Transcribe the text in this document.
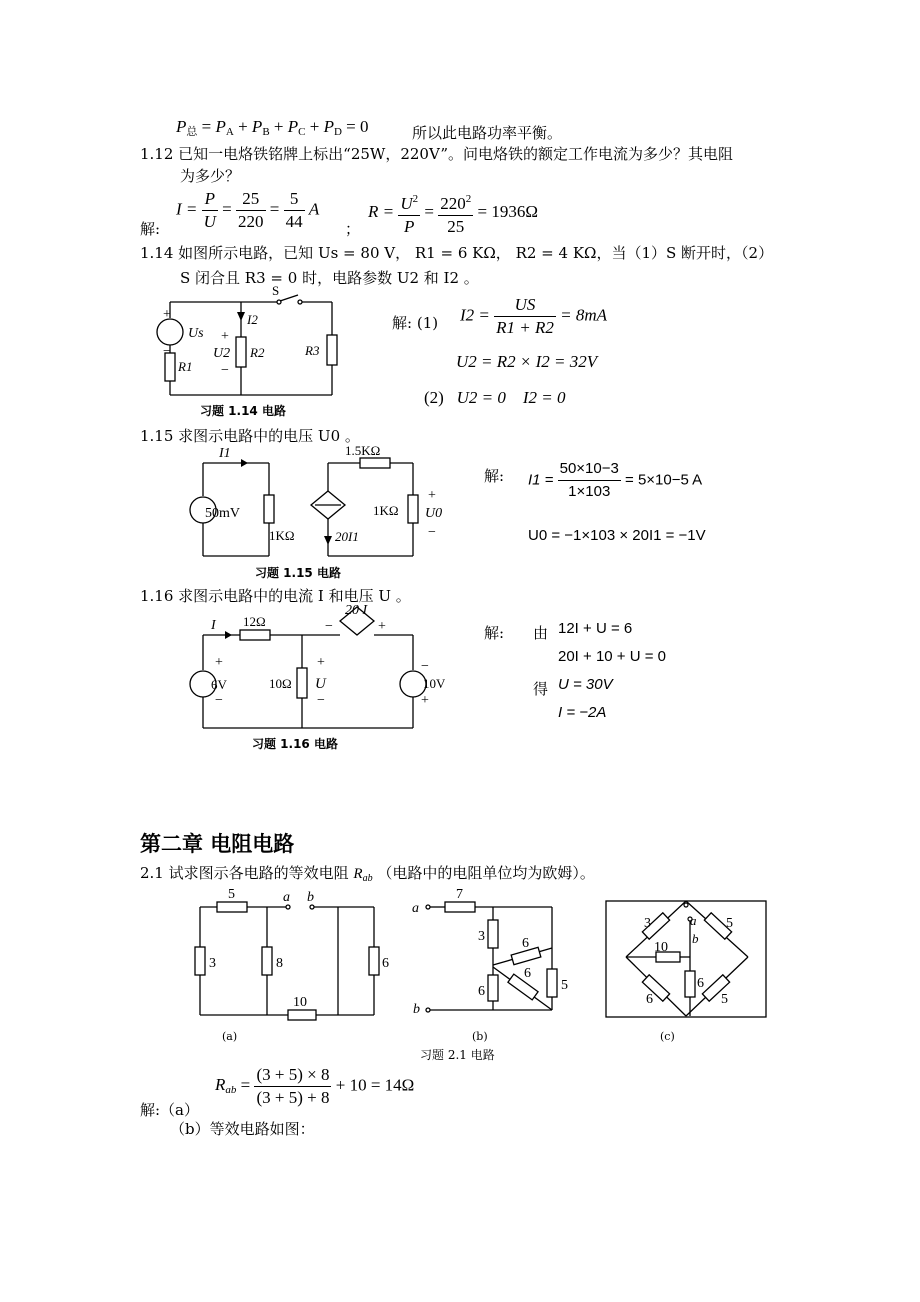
$P_总$ = PA + PB + PC + PD = 0	所以此电路功率平衡。
1.12 已知一电烙铁铭牌上标出“25W，220V”。问电烙铁的额定工作电流为多少？其电阻
为多少？
解:
$I = \frac{P}{U} = \frac{25}{220} = \frac{5}{44}$ A
；
$R = \frac{U^2}{P} = \frac{220^2}{25} = 1936\Omega$
1.14 如图所示电路，已知 Us = 80 V， R1 = 6 KΩ， R2 = 4 KΩ，当（1）S 断开时，（2）
S 闭合且 R3 = 0 时，电路参数 U2 和 I2 。
S
Us
+
−
I2
+
U2
−
R2
R1
R3
习题 1.14 电路
解: (1) $I2 = \frac{US}{R1 + R2} = 8mA$
U2 = R2 × I2 = 32V
(2) U2 = 0 I2 = 0
1.15 求图示电路中的电压 U0 。
I1
50mV
1KΩ
1.5KΩ
20I1
1KΩ
+
U0
−
习题 1.15 电路
解: $I1 = \frac{50\times 10-3}{1\times 103} = 5\times 10-5$ A
U0 = −1×103 × 20I1 = −1V
1.16 求图示电路中的电流 I 和电压 U 。
I 12Ω
20 I
−	+
+
6V
−
10Ω
+
U
−
−
10V
+
习题 1.16 电路
解: 由 12I + U = 6
20I + 10 + U = 0
得 U = 30V
I = −2A
第二章 电阻电路
2.1 试求图示各电路的等效电阻 $R_{ab}$ （电路中的电阻单位均为欧姆）。
5
3	8
10
6
a b
(a)
a
b
7
3	6
6
6	5
(b)
习题 2.1 电路
3	5
10
6
6	5
a
b
(c)
解:（a）
$R_{ab} = \frac{(3 + 5) \times 8}{(3 + 5) + 8} + 10 = 14\Omega$
（b）等效电路如图：
